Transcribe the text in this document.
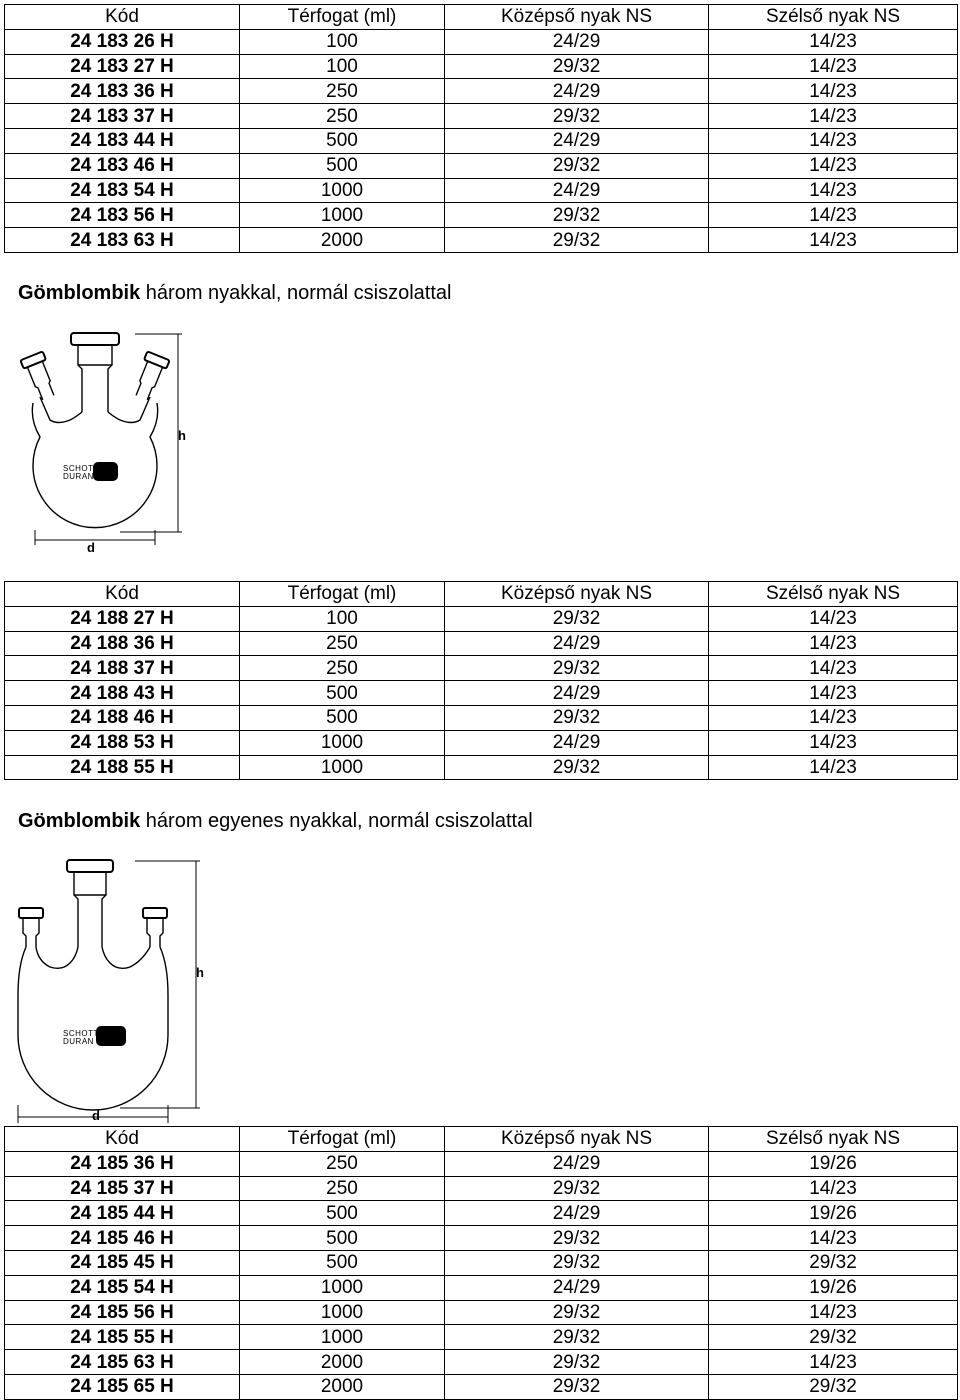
Kód	Térfogat (ml)	Középső nyak NS	Szélső nyak NS
24 183 26 H	100	24/29	14/23
24 183 27 H	100	29/32	14/23
24 183 36 H	250	24/29	14/23
24 183 37 H	250	29/32	14/23
24 183 44 H	500	24/29	14/23
24 183 46 H	500	29/32	14/23
24 183 54 H	1000	24/29	14/23
24 183 56 H	1000	29/32	14/23
24 183 63 H	2000	29/32	14/23
Gömblombik három nyakkal, normál csiszolattal
SCHOTT
DURAN
h
d
Kód	Térfogat (ml)	Középső nyak NS	Szélső nyak NS
24 188 27 H	100	29/32	14/23
24 188 36 H	250	24/29	14/23
24 188 37 H	250	29/32	14/23
24 188 43 H	500	24/29	14/23
24 188 46 H	500	29/32	14/23
24 188 53 H	1000	24/29	14/23
24 188 55 H	1000	29/32	14/23
Gömblombik három egyenes nyakkal, normál csiszolattal
SCHOTT
DURAN
h
d
Kód	Térfogat (ml)	Középső nyak NS	Szélső nyak NS
24 185 36 H	250	24/29	19/26
24 185 37 H	250	29/32	14/23
24 185 44 H	500	24/29	19/26
24 185 46 H	500	29/32	14/23
24 185 45 H	500	29/32	29/32
24 185 54 H	1000	24/29	19/26
24 185 56 H	1000	29/32	14/23
24 185 55 H	1000	29/32	29/32
24 185 63 H	2000	29/32	14/23
24 185 65 H	2000	29/32	29/32
